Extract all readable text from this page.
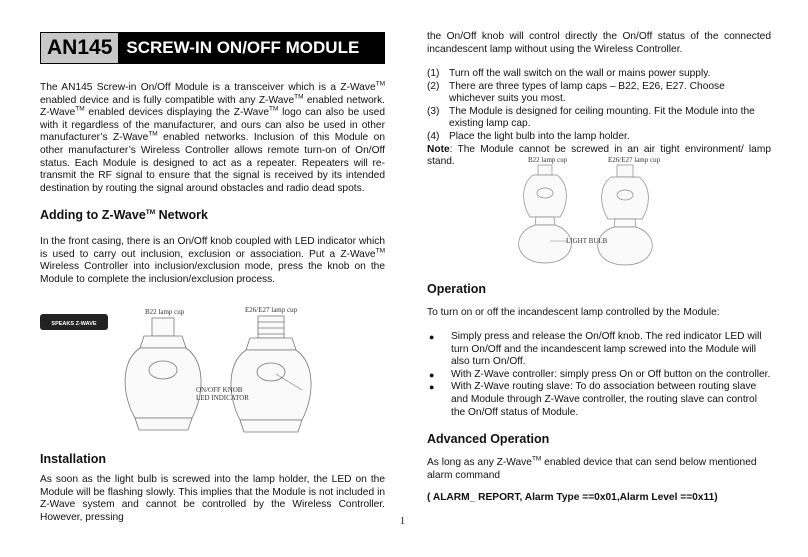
AN145 SCREW-IN ON/OFF MODULE

The AN145 Screw-in On/Off Module is a transceiver which is a Z-Wave™ enabled device and is fully compatible with any Z-Wave™ enabled network. Z-Wave™ enabled devices displaying the Z-Wave™ logo can also be used with it regardless of the manufacturer, and ours can also be used in other manufacturer’s Z-Wave™ enabled networks. Inclusion of this Module on other manufacturer’s Wireless Controller allows remote turn-on of On/Off status. Each Module is designed to act as a repeater. Repeaters will re-transmit the RF signal to ensure that the signal is received by its intended destination by routing the signal around obstacles and radio dead spots.

Adding to Z-Wave™ Network

In the front casing, there is an On/Off knob coupled with LED indicator which is used to carry out inclusion, exclusion or association. Put a Z-Wave™ Wireless Controller into inclusion/exclusion mode, press the knob on the Module to complete the inclusion/exclusion process.

SPEAKS Z-WAVE
B22 lamp cup	E26/E27 lamp cup
ON/OFF KNOB
LED INDICATOR
Installation

As soon as the light bulb is screwed into the lamp holder, the LED on the Module will be flashing slowly. This implies that the Module is not included in Z-Wave system and cannot be controlled by the Wireless Controller. However, pressing

the On/Off knob will control directly the On/Off status of the connected incandescent lamp without using the Wireless Controller.

(1) Turn off the wall switch on the wall or mains power supply.
(2) There are three types of lamp caps – B22, E26, E27. Choose whichever suits you most.
(3) The Module is designed for ceiling mounting. Fit the Module into the existing lamp cap.
(4) Place the light bulb into the lamp holder.

Note: The Module cannot be screwed in an air tight environment/ lamp stand.	B22 lamp cup	E26/E27 lamp cup
LIGHT BULB
Operation

To turn on or off the incandescent lamp controlled by the Module:

●	Simply press and release the On/Off knob. The red indicator LED will turn On/Off and the incandescent lamp screwed into the Module will also turn On/Off.
●	With Z-Wave controller: simply press On or Off button on the controller.
●	With Z-Wave routing slave: To do association between routing slave and Module through Z-Wave controller, the routing slave can control the On/Off status of Module.
Advanced Operation

As long as any Z-Wave™ enabled device that can send below mentioned alarm command

( ALARM_ REPORT, Alarm Type ==0x01,Alarm Level ==0x11)

1
